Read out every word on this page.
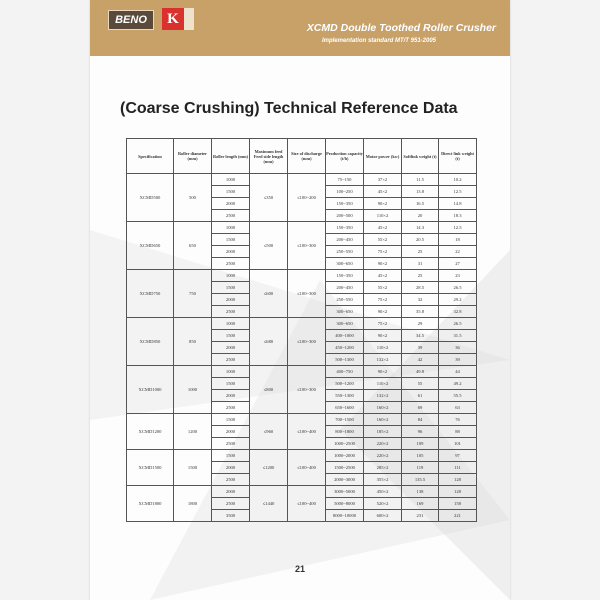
BENO	K
XCMD Double Toothed Roller Crusher
Implementation standard MT/T 951-2005
(Coarse Crushing) Technical Reference Data
Specification	Roller diameter (mm)	Roller length (mm)	Maximum feed Feed side length (mm)	Size of discharge (mm)	Production capacity (t/h)	Motor power (kw)	Softlink weight (t)	Direct link weight (t)
XCMD500	500	1000	≤350	≤100~200	75~150	37×2	11.5	10.2
		1500			100~250	45×2	13.8	12.5
		2000			150~350	90×2	16.5	14.8
		2500			200~500	110×2	20	18.3
XCMD650	650	1000	≤500	≤100~300	150~350	45×2	14.3	12.5
		1500			200~450	55×2	20.5	18
		2000			250~550	75×2	25	22
		2500			300~650	90×2	31	27
XCMD750	750	1000	≤600	≤100~300	150~350	45×2	25	23
		1500			200~450	55×2	28.5	26.5
		2000			250~550	75×2	32	29.2
		2500			300~650	90×2	35.8	32.8
XCMD850	850	1000	≤680	≤100~300	300~650	75×2	29	26.5
		1500			400~1000	90×2	34.5	31.5
		2000			450~1200	110×2	39	36
		2500			500~1300	132×2	42	39
XCMD1000	1000	1000	≤800	≤100~300	400~750	90×2	49.8	44
		1500			500~1200	110×2	55	49.2
		2000			550~1300	132×2	61	55.5
		2500			650~1600	160×2	69	63
XCMD1200	1200	1500	≤960	≤100~400	700~1500	160×2	84	76
		2000			800~1800	185×2	96	88
		2500			1000~2500	220×2	109	101
XCMD1500	1500	1500	≤1200	≤100~400	1000~2000	220×2	105	97
		2000			1500~2500	285×2	119	111
		2500			2000~3000	355×2	135.5	128
XCMD1800	1800	2000	≤1440	≤100~400	3000~5000	450×2	138	128
		2500			5000~8000	520×2	169	158
		3500			8000~10000	600×2	231	221
21
